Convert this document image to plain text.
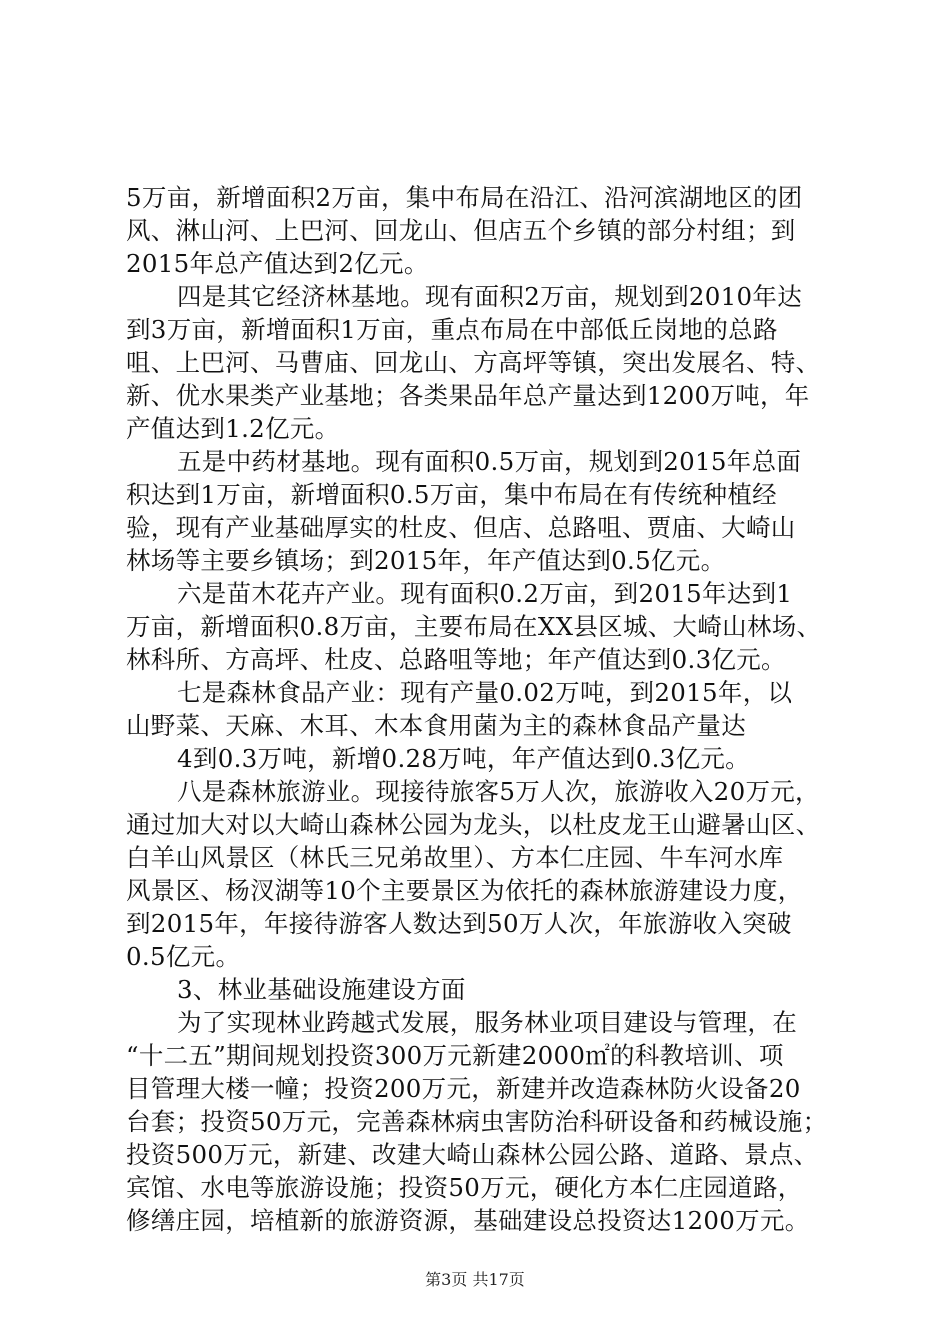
5万亩，新增面积2万亩，集中布局在沿江、沿河滨湖地区的团
风、淋山河、上巴河、回龙山、但店五个乡镇的部分村组；到
2015年总产值达到2亿元。
四是其它经济林基地。现有面积2万亩，规划到2010年达
到3万亩，新增面积1万亩，重点布局在中部低丘岗地的总路
咀、上巴河、马曹庙、回龙山、方高坪等镇，突出发展名、特、
新、优水果类产业基地；各类果品年总产量达到1200万吨，年
产值达到1.2亿元。
五是中药材基地。现有面积0.5万亩，规划到2015年总面
积达到1万亩，新增面积0.5万亩，集中布局在有传统种植经
验，现有产业基础厚实的杜皮、但店、总路咀、贾庙、大崎山
林场等主要乡镇场；到2015年，年产值达到0.5亿元。
六是苗木花卉产业。现有面积0.2万亩，到2015年达到1
万亩，新增面积0.8万亩，主要布局在XX县区城、大崎山林场、
林科所、方高坪、杜皮、总路咀等地；年产值达到0.3亿元。
七是森林食品产业：现有产量0.02万吨，到2015年，以
山野菜、天麻、木耳、木本食用菌为主的森林食品产量达
4到0.3万吨，新增0.28万吨，年产值达到0.3亿元。
八是森林旅游业。现接待旅客5万人次，旅游收入20万元，
通过加大对以大崎山森林公园为龙头，以杜皮龙王山避暑山区、
白羊山风景区（林氏三兄弟故里）、方本仁庄园、牛车河水库
风景区、杨汊湖等10个主要景区为依托的森林旅游建设力度，
到2015年，年接待游客人数达到50万人次，年旅游收入突破
0.5亿元。
3、林业基础设施建设方面
为了实现林业跨越式发展，服务林业项目建设与管理，在
“十二五”期间规划投资300万元新建2000㎡的科教培训、项
目管理大楼一幢；投资200万元，新建并改造森林防火设备20
台套；投资50万元，完善森林病虫害防治科研设备和药械设施；
投资500万元，新建、改建大崎山森林公园公路、道路、景点、
宾馆、水电等旅游设施；投资50万元，硬化方本仁庄园道路，
修缮庄园，培植新的旅游资源，基础建设总投资达1200万元。
第3页 共17页
